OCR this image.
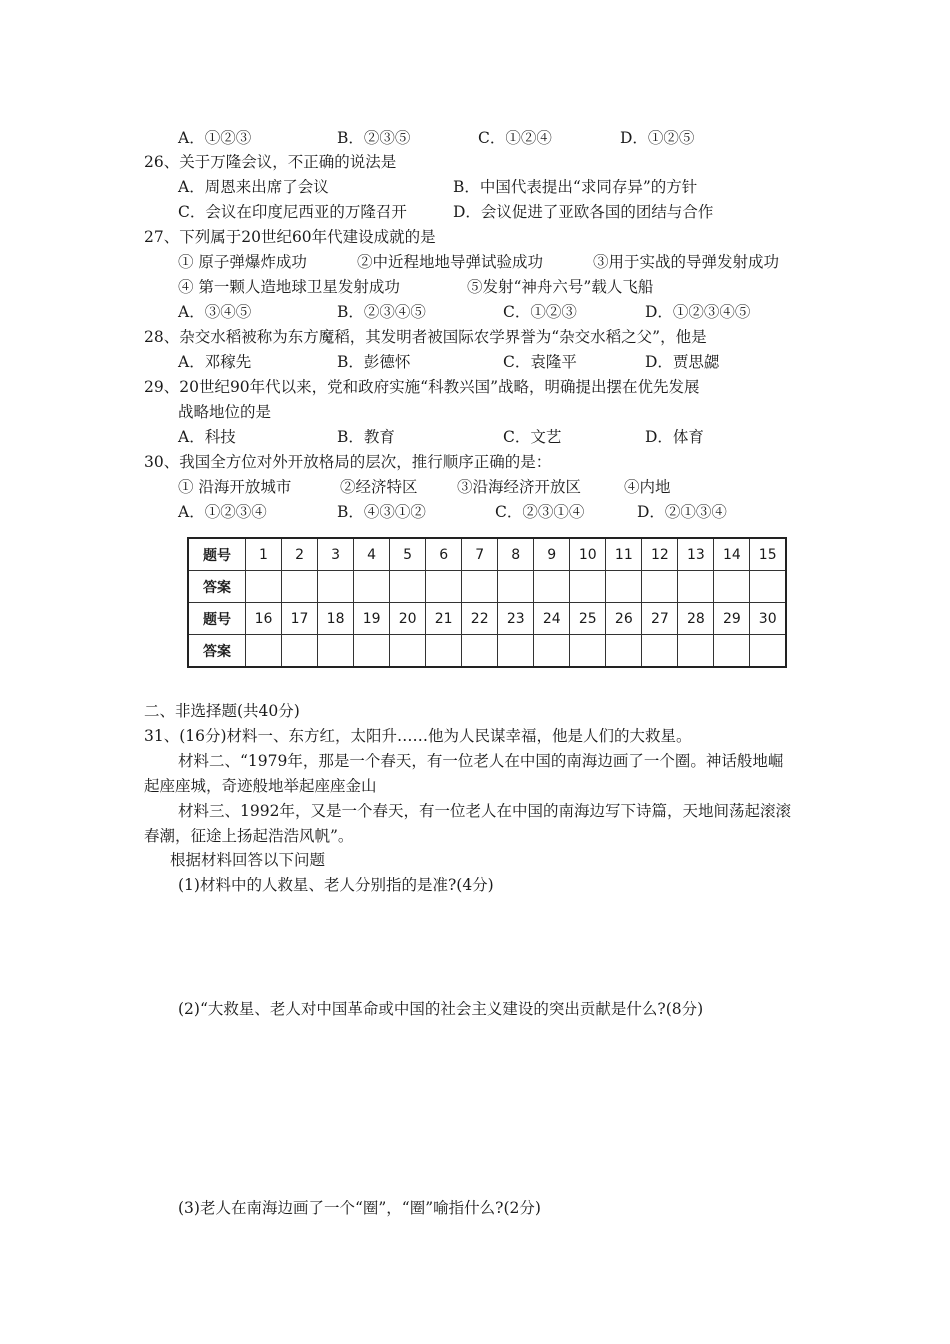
A．①②③	B．②③⑤	C．①②④	D．①②⑤
26、关于万隆会议，不正确的说法是
A．周恩来出席了会议	B．中国代表提出“求同存异”的方针
C．会议在印度尼西亚的万隆召开	D．会议促进了亚欧各国的团结与合作
27、下列属于20世纪60年代建设成就的是
① 原子弹爆炸成功	②中近程地地导弹试验成功	③用于实战的导弹发射成功
④ 第一颗人造地球卫星发射成功	⑤发射“神舟六号”载人飞船
A．③④⑤	B．②③④⑤	C．①②③	D．①②③④⑤
28、杂交水稻被称为东方魔稻，其发明者被国际农学界誉为“杂交水稻之父”，他是
A．邓稼先	B．彭德怀	C．袁隆平	D．贾思勰
29、20世纪90年代以来，党和政府实施“科教兴国”战略，明确提出摆在优先发展
战略地位的是
A．科技	B．教育	C．文艺	D．体育
30、我国全方位对外开放格局的层次，推行顺序正确的是：
① 沿海开放城市	②经济特区	③沿海经济开放区	④内地
A．①②③④	B．④③①②	C．②③①④	D．②①③④
题号	1	2	3	4	5	6	7	8	9	10	11	12	13	14	15
答案															
题号	16	17	18	19	20	21	22	23	24	25	26	27	28	29	30
答案															
二、非选择题(共40分)
31、(16分)材料一、东方红，太阳升……他为人民谋幸福，他是人们的大救星。
材料二、“1979年，那是一个春天，有一位老人在中国的南海边画了一个圈。神话般地崛
起座座城，奇迹般地举起座座金山
材料三、1992年，又是一个春天，有一位老人在中国的南海边写下诗篇，天地间荡起滚滚
春潮，征途上扬起浩浩风帆”。
根据材料回答以下问题
(1)材料中的人救星、老人分别指的是准?(4分)
(2)“大救星、老人对中国革命或中国的社会主义建设的突出贡献是什么?(8分)
(3)老人在南海边画了一个“圈”，“圈”喻指什么?(2分)
